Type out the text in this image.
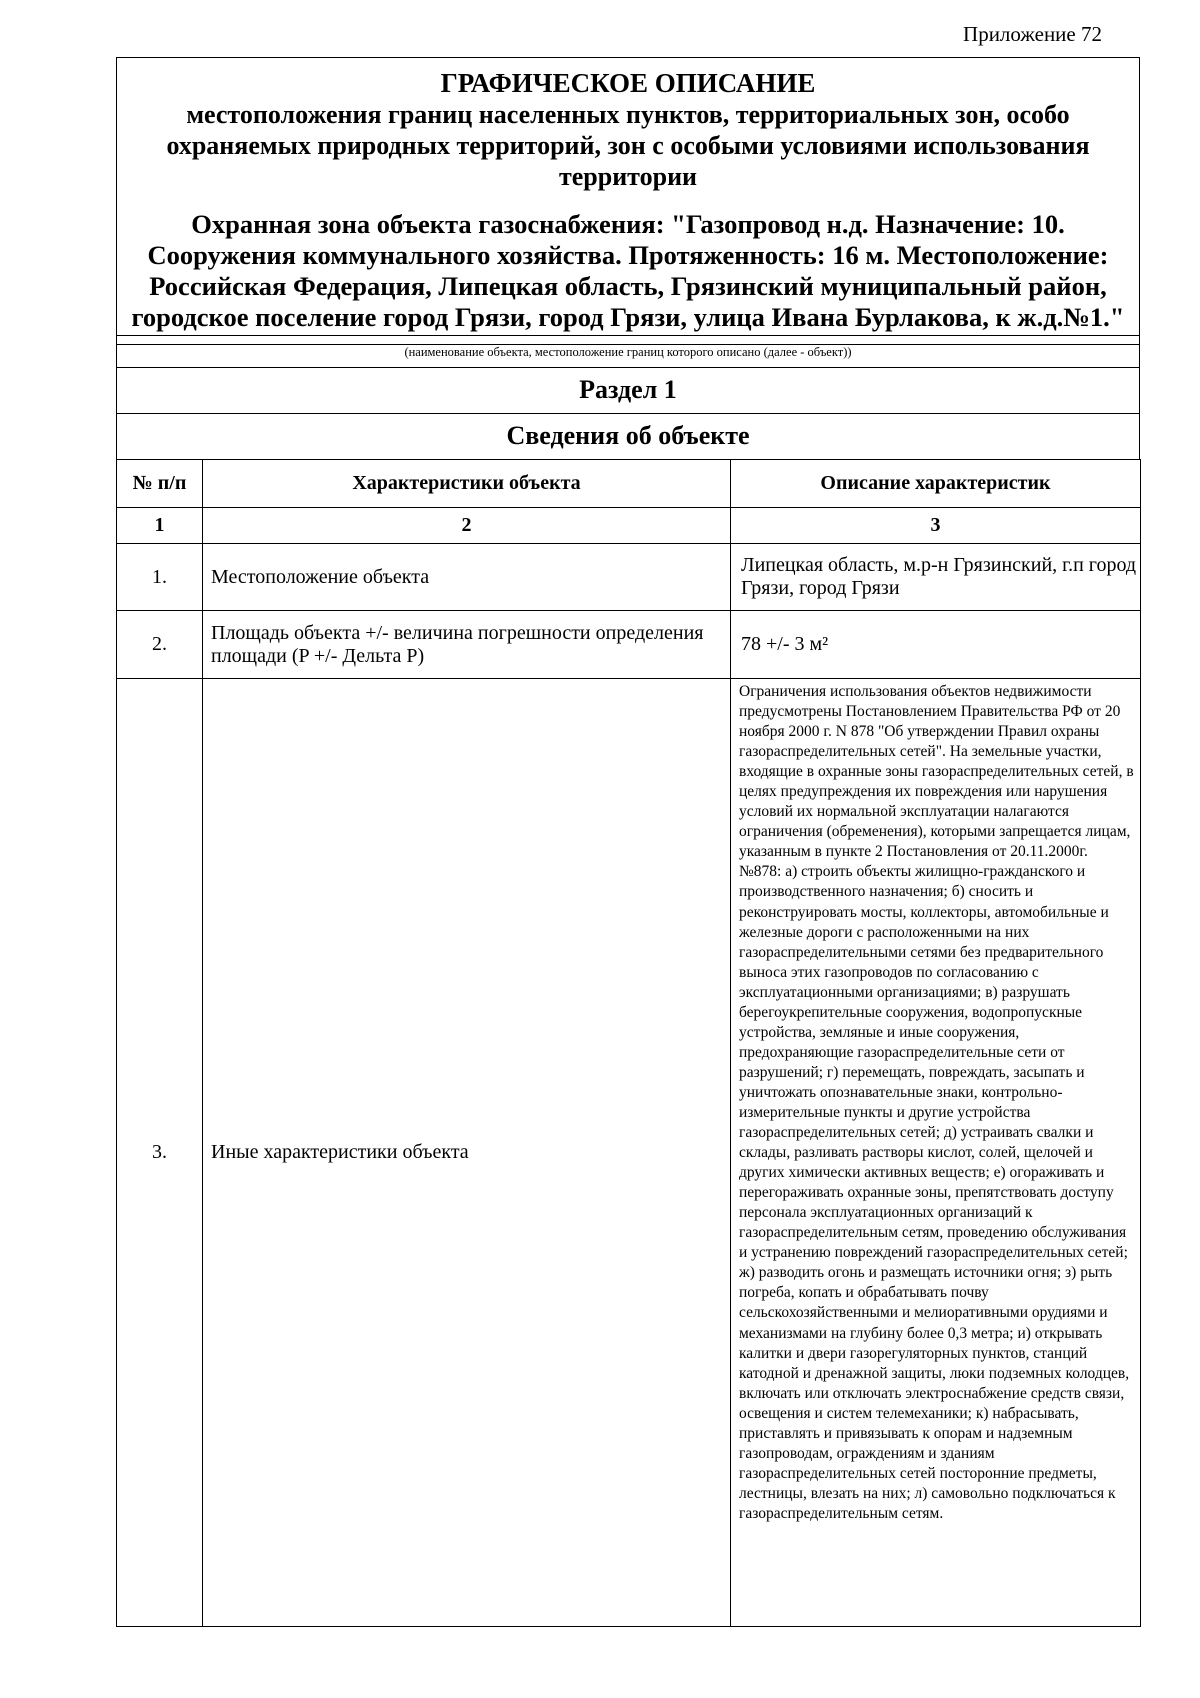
Приложение 72
ГРАФИЧЕСКОЕ ОПИСАНИЕ
местоположения границ населенных пунктов, территориальных зон, особо охраняемых природных территорий, зон с особыми условиями использования территории
Охранная зона объекта газоснабжения: "Газопровод н.д. Назначение: 10. Сооружения коммунального хозяйства. Протяженность: 16 м. Местоположение: Российская Федерация, Липецкая область, Грязинский муниципальный район, городское поселение город Грязи, город Грязи, улица Ивана Бурлакова, к ж.д.№1."
(наименование объекта, местоположение границ которого описано (далее - объект))
Раздел 1
Сведения об объекте
№ п/п	Характеристики объекта	Описание характеристик
1	2	3
1.	Местоположение объекта	Липецкая область, м.р-н Грязинский, г.п город Грязи, город Грязи
2.	Площадь объекта +/- величина погрешности определения площади (P +/- Дельта P)	78 +/- 3 м²
3.	Иные характеристики объекта	Ограничения использования объектов недвижимости предусмотрены Постановлением Правительства РФ от 20 ноября 2000 г. N 878 "Об утверждении Правил охраны газораспределительных сетей". На земельные участки, входящие в охранные зоны газораспределительных сетей, в целях предупреждения их повреждения или нарушения условий их нормальной эксплуатации налагаются ограничения (обременения), которыми запрещается лицам, указанным в пункте 2 Постановления от 20.11.2000г. №878: а) строить объекты жилищно-гражданского и производственного назначения; б) сносить и реконструировать мосты, коллекторы, автомобильные и железные дороги с расположенными на них газораспределительными сетями без предварительного выноса этих газопроводов по согласованию с эксплуатационными организациями; в) разрушать берегоукрепительные сооружения, водопропускные устройства, земляные и иные сооружения, предохраняющие газораспределительные сети от разрушений; г) перемещать, повреждать, засыпать и уничтожать опознавательные знаки, контрольно-измерительные пункты и другие устройства газораспределительных сетей; д) устраивать свалки и склады, разливать растворы кислот, солей, щелочей и других химически активных веществ; е) огораживать и перегораживать охранные зоны, препятствовать доступу персонала эксплуатационных организаций к газораспределительным сетям, проведению обслуживания и устранению повреждений газораспределительных сетей; ж) разводить огонь и размещать источники огня; з) рыть погреба, копать и обрабатывать почву сельскохозяйственными и мелиоративными орудиями и механизмами на глубину более 0,3 метра; и) открывать калитки и двери газорегуляторных пунктов, станций катодной и дренажной защиты, люки подземных колодцев, включать или отключать электроснабжение средств связи, освещения и систем телемеханики; к) набрасывать, приставлять и привязывать к опорам и надземным газопроводам, ограждениям и зданиям газораспределительных сетей посторонние предметы, лестницы, влезать на них; л) самовольно подключаться к газораспределительным сетям.
